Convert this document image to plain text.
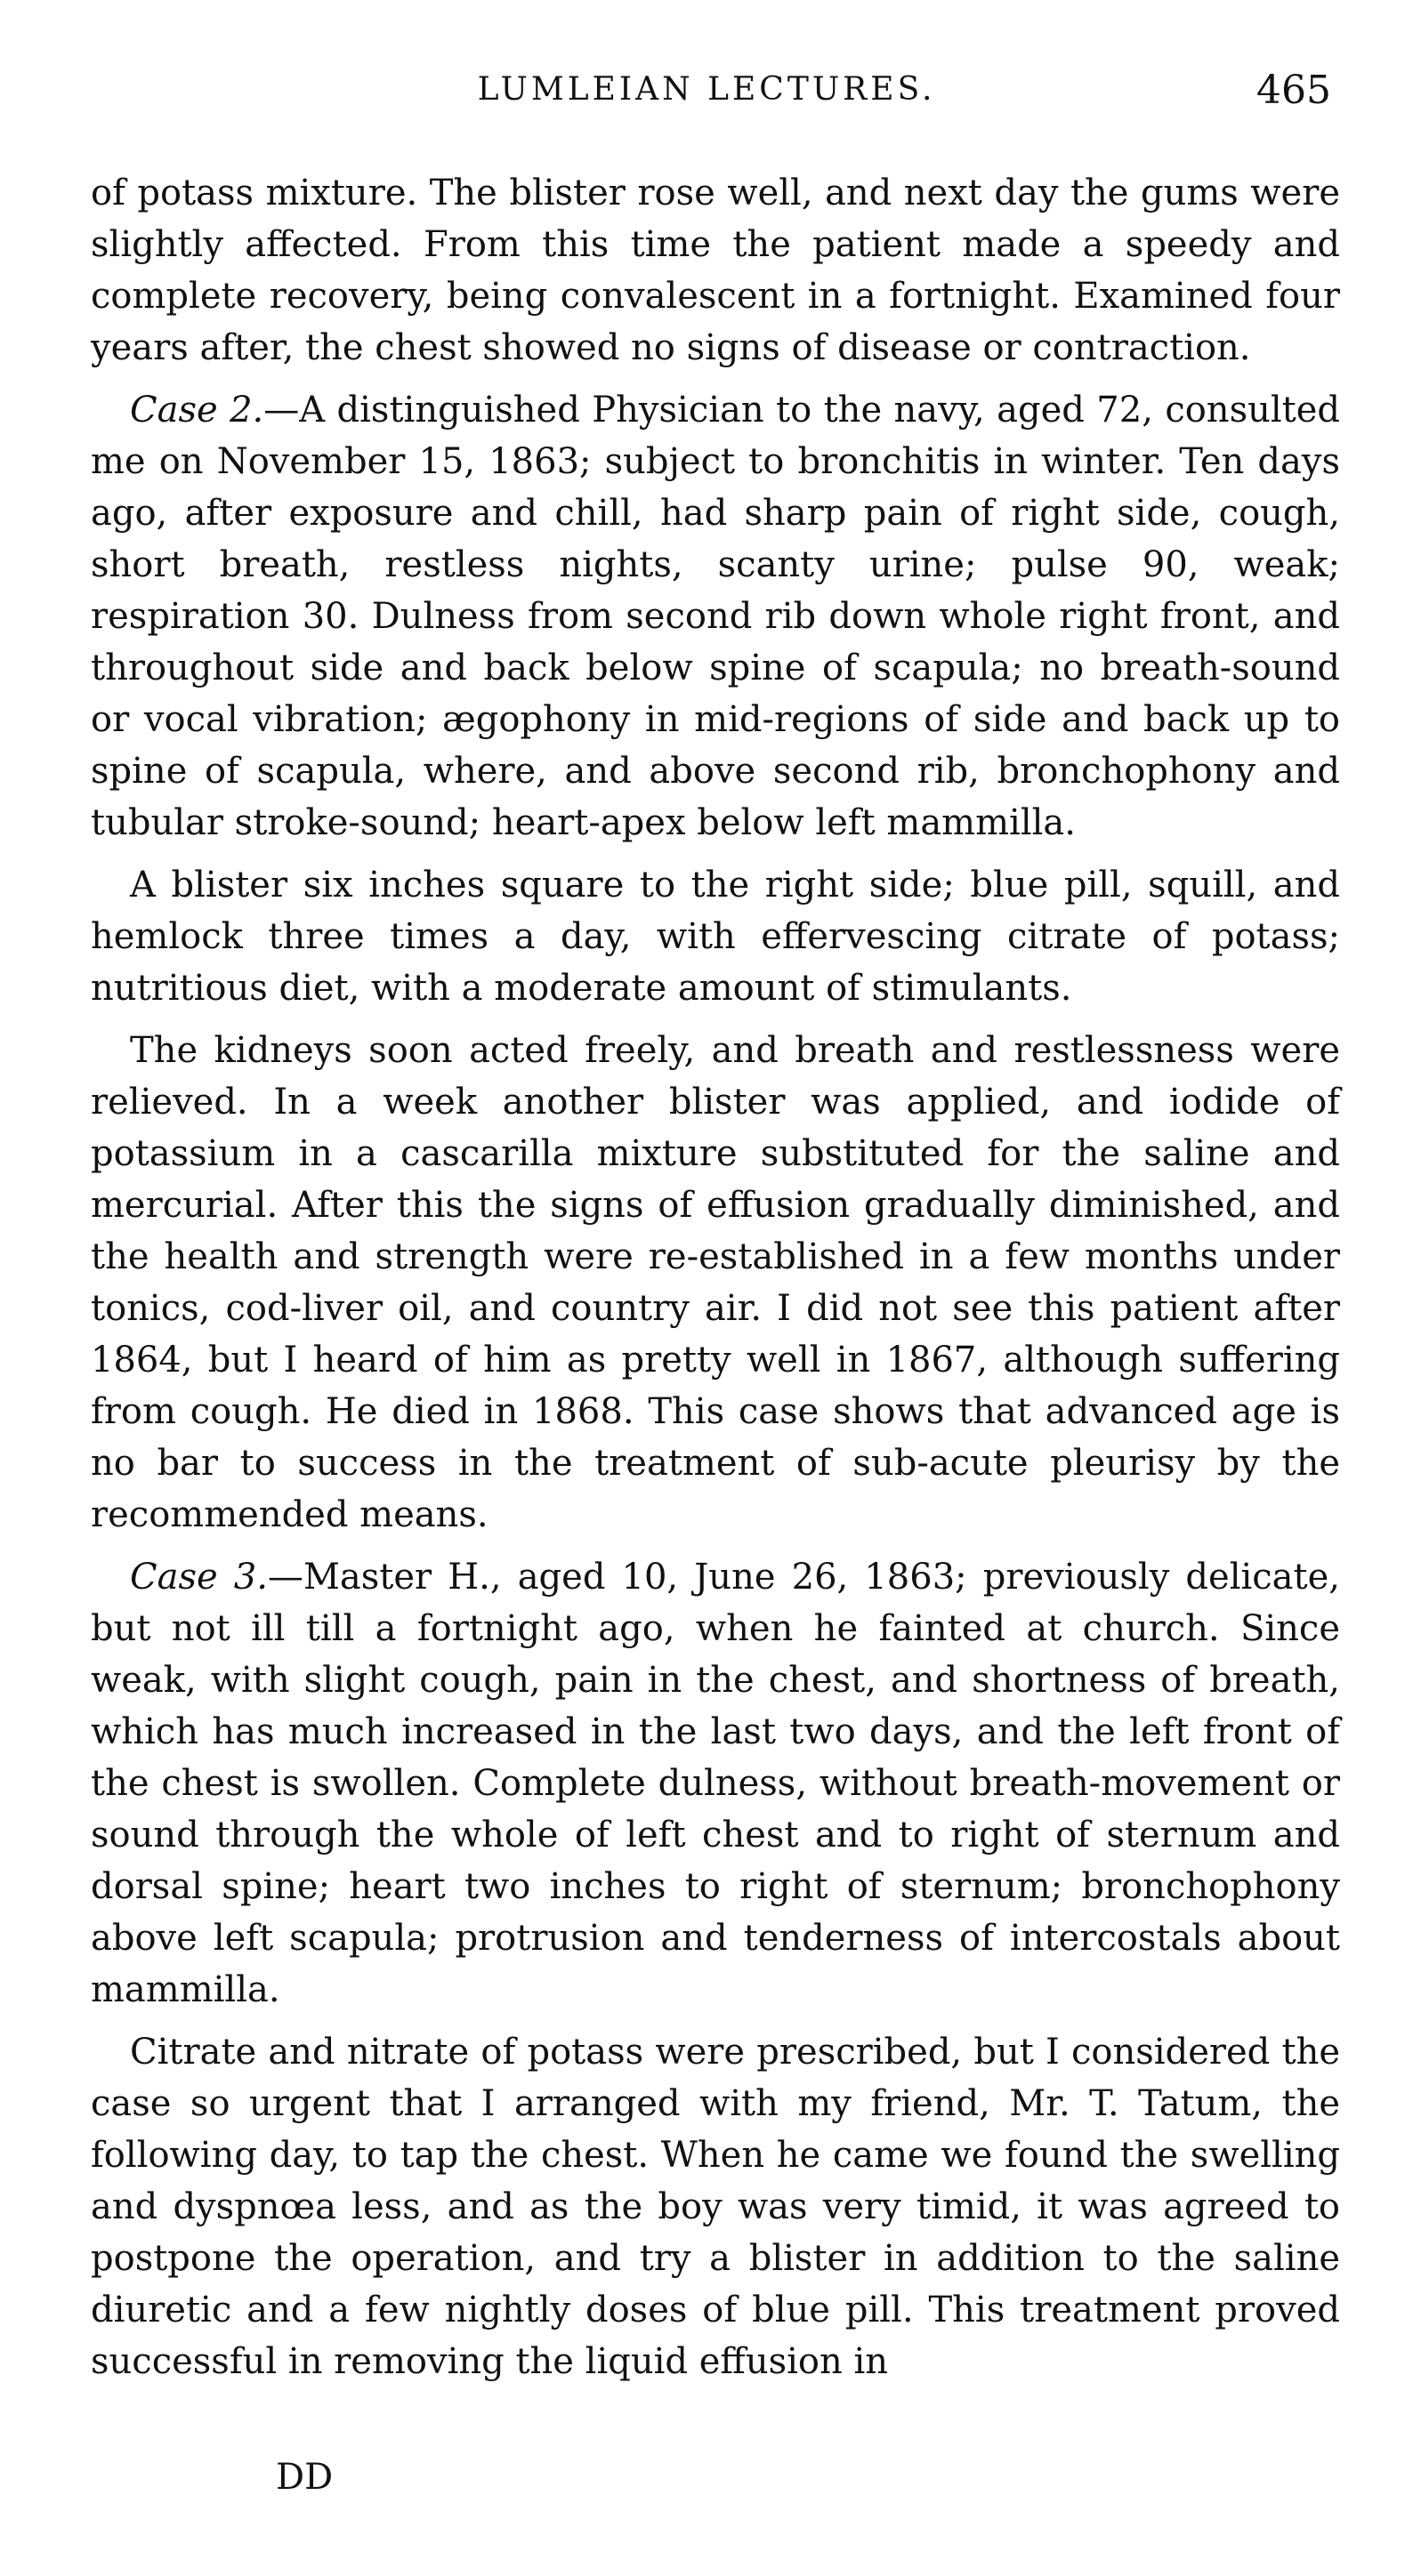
LUMLEIAN LECTURES.	465

of potass mixture. The blister rose well, and next day the gums were slightly affected. From this time the patient made a speedy and complete recovery, being convalescent in a fortnight. Examined four years after, the chest showed no signs of disease or contraction.

Case 2.—A distinguished Physician to the navy, aged 72, consulted me on November 15, 1863; subject to bronchitis in winter. Ten days ago, after exposure and chill, had sharp pain of right side, cough, short breath, restless nights, scanty urine; pulse 90, weak; respiration 30. Dulness from second rib down whole right front, and throughout side and back below spine of scapula; no breath-sound or vocal vibration; ægophony in mid-regions of side and back up to spine of scapula, where, and above second rib, bronchophony and tubular stroke-sound; heart-apex below left mammilla.

A blister six inches square to the right side; blue pill, squill, and hemlock three times a day, with effervescing citrate of potass; nutritious diet, with a moderate amount of stimulants.

The kidneys soon acted freely, and breath and restlessness were relieved. In a week another blister was applied, and iodide of potassium in a cascarilla mixture substituted for the saline and mercurial. After this the signs of effusion gradually diminished, and the health and strength were re-established in a few months under tonics, cod-liver oil, and country air. I did not see this patient after 1864, but I heard of him as pretty well in 1867, although suffering from cough. He died in 1868. This case shows that advanced age is no bar to success in the treatment of sub-acute pleurisy by the recommended means.

Case 3.—Master H., aged 10, June 26, 1863; previously delicate, but not ill till a fortnight ago, when he fainted at church. Since weak, with slight cough, pain in the chest, and shortness of breath, which has much increased in the last two days, and the left front of the chest is swollen. Complete dulness, without breath-movement or sound through the whole of left chest and to right of sternum and dorsal spine; heart two inches to right of sternum; bronchophony above left scapula; protrusion and tenderness of intercostals about mammilla.

Citrate and nitrate of potass were prescribed, but I considered the case so urgent that I arranged with my friend, Mr. T. Tatum, the following day, to tap the chest. When he came we found the swelling and dyspnœa less, and as the boy was very timid, it was agreed to postpone the operation, and try a blister in addition to the saline diuretic and a few nightly doses of blue pill. This treatment proved successful in removing the liquid effusion in

DD
